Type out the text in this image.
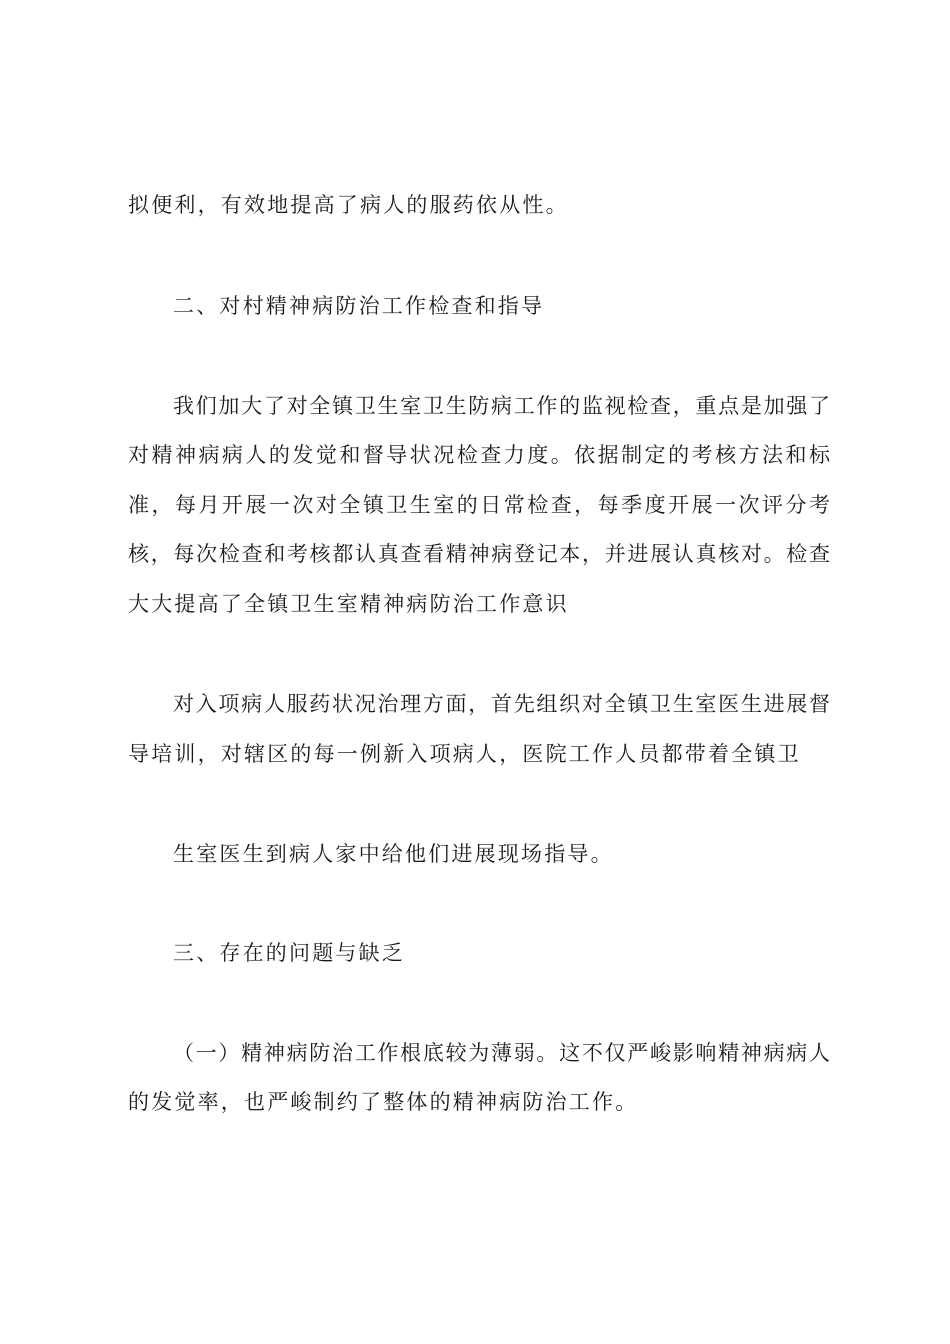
拟便利，有效地提高了病人的服药依从性。
二、对村精神病防治工作检查和指导
我们加大了对全镇卫生室卫生防病工作的监视检查，重点是加强了
对精神病病人的发觉和督导状况检查力度。依据制定的考核方法和标
准，每月开展一次对全镇卫生室的日常检查，每季度开展一次评分考
核，每次检查和考核都认真查看精神病登记本，并进展认真核对。检查
大大提高了全镇卫生室精神病防治工作意识
对入项病人服药状况治理方面，首先组织对全镇卫生室医生进展督
导培训，对辖区的每一例新入项病人，医院工作人员都带着全镇卫
生室医生到病人家中给他们进展现场指导。
三、存在的问题与缺乏
（一）精神病防治工作根底较为薄弱。这不仅严峻影响精神病病人
的发觉率，也严峻制约了整体的精神病防治工作。
